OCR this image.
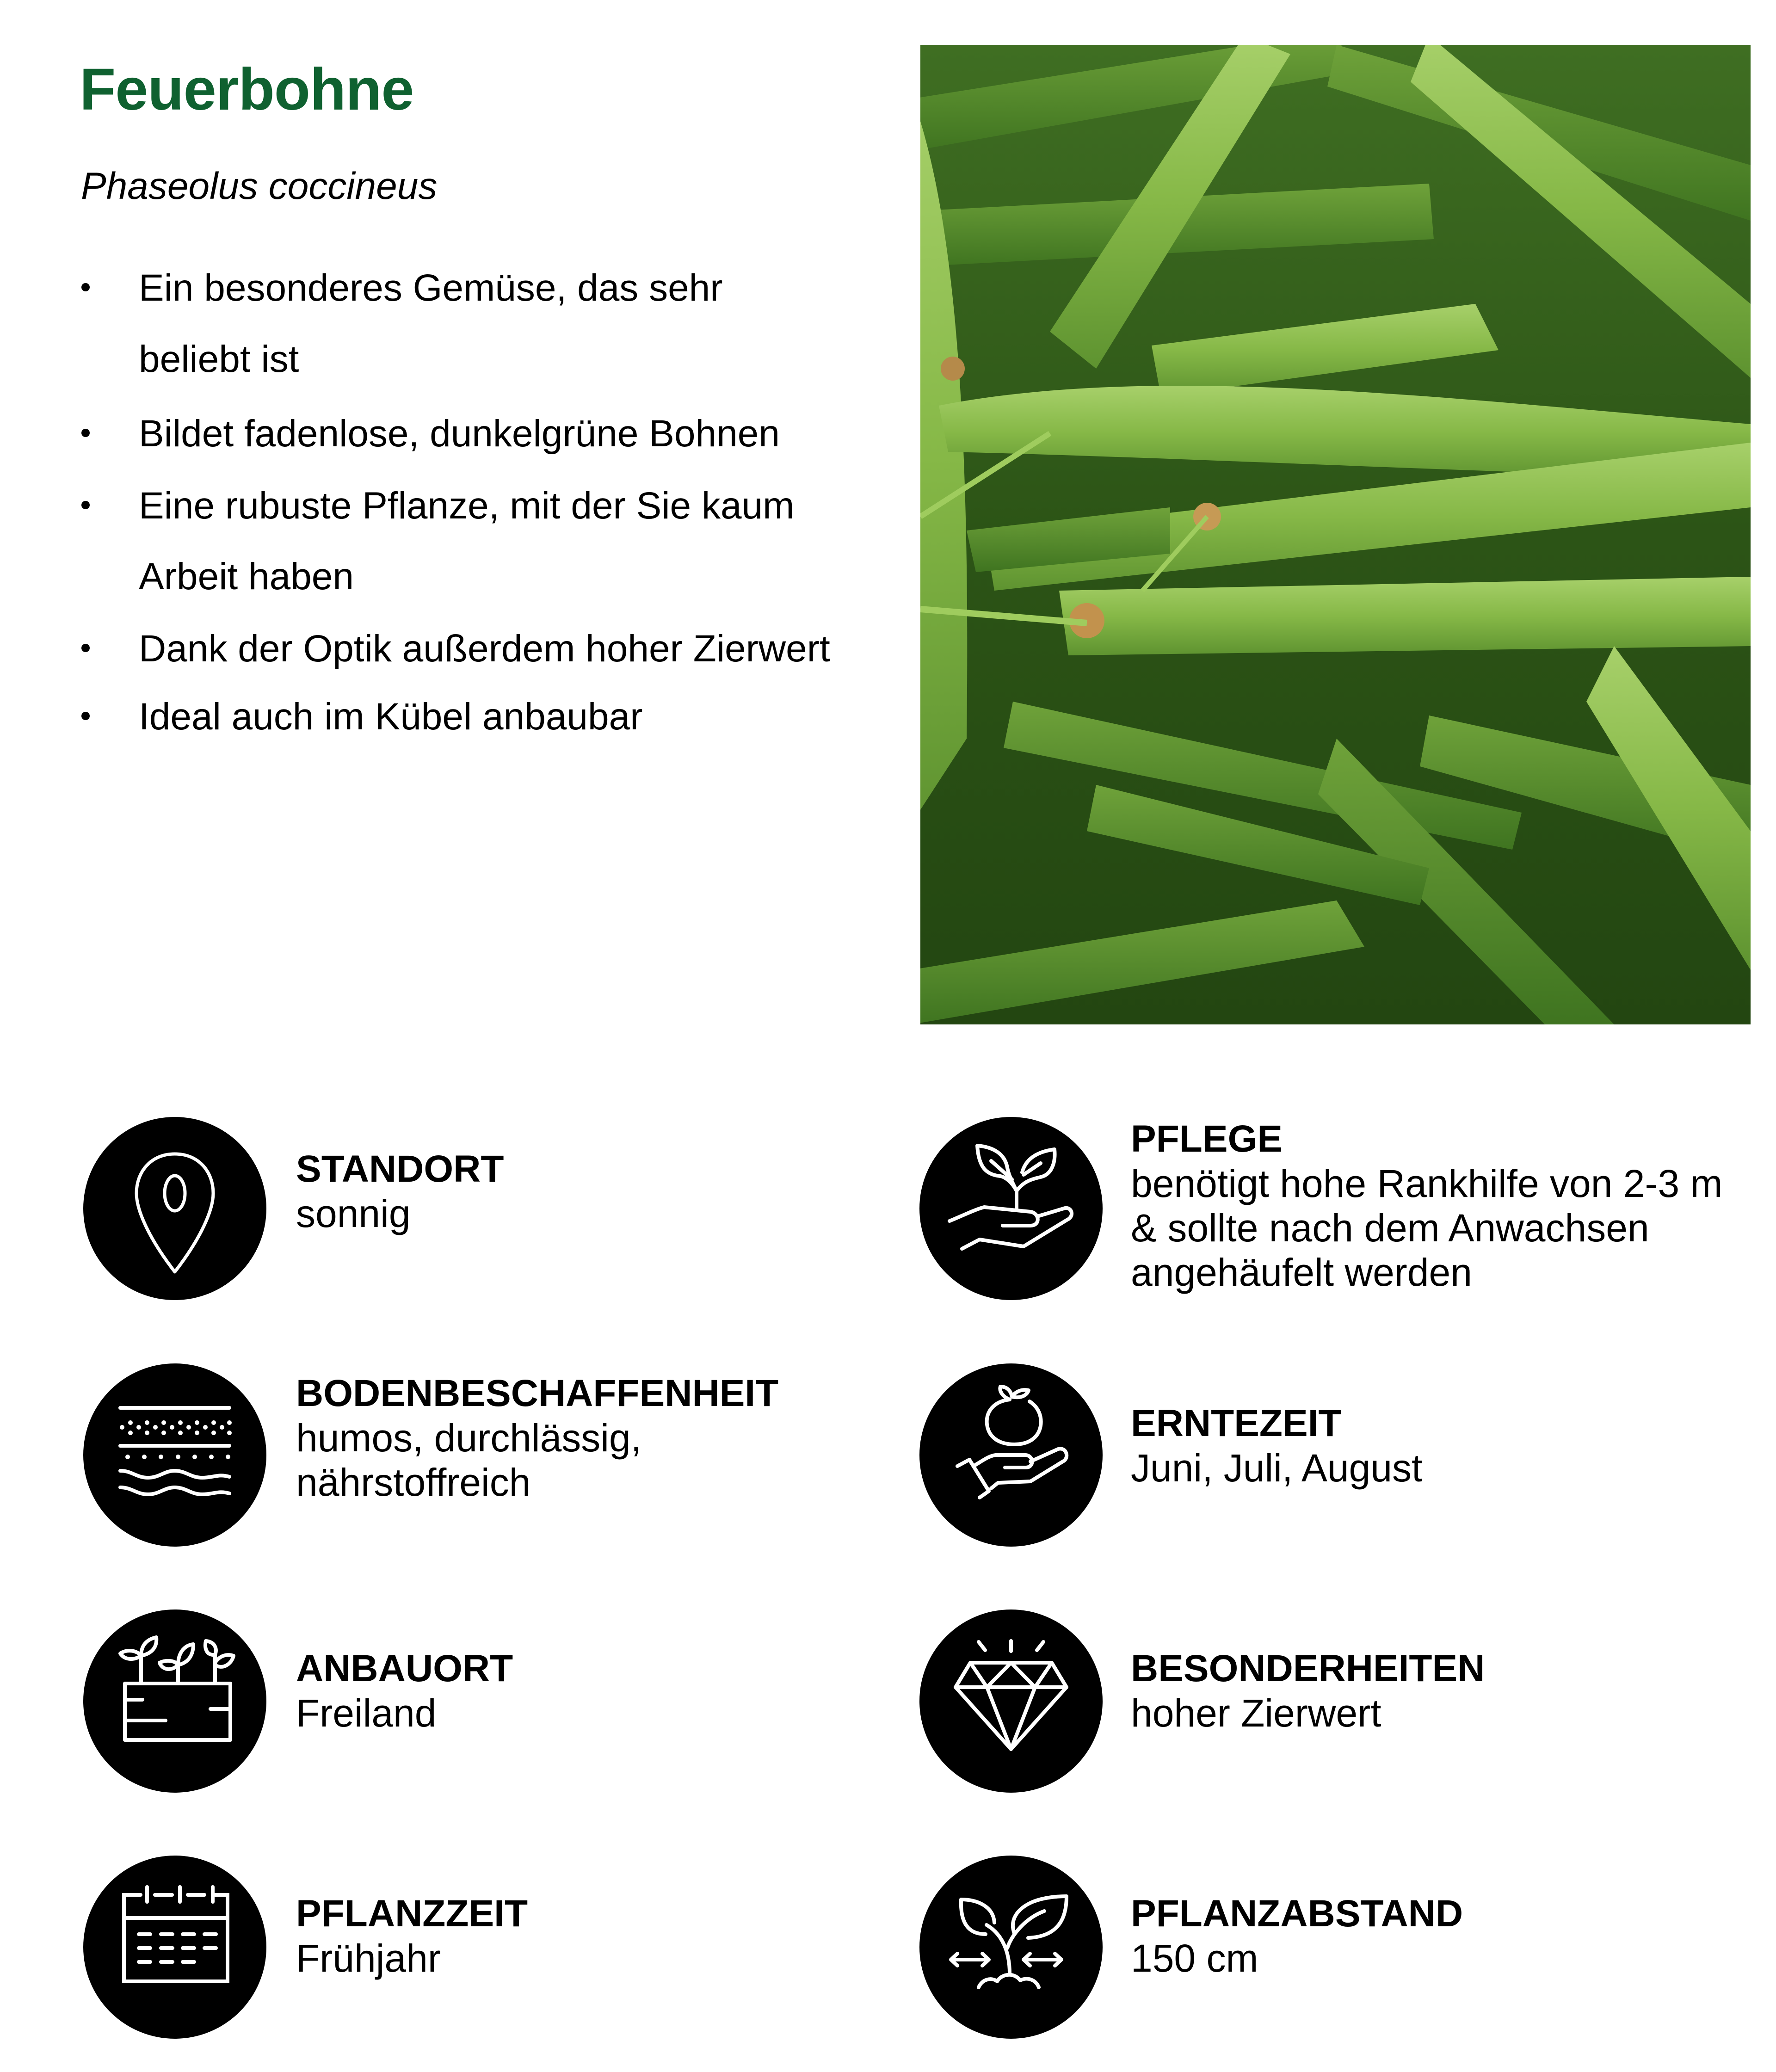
Feuerbohne

Phaseolus coccineus

Ein besonderes Gemüse, das sehr
beliebt ist
Bildet fadenlose, dunkelgrüne Bohnen
Eine rubuste Pflanze, mit der Sie kaum
Arbeit haben
Dank der Optik außerdem hoher Zierwert
Ideal auch im Kübel anbaubar
STANDORT
sonnig
PFLEGE
benötigt hohe Rankhilfe von 2-3 m
& sollte nach dem Anwachsen
angehäufelt werden
BODENBESCHAFFENHEIT
humos, durchlässig,
nährstoffreich
ERNTEZEIT
Juni, Juli, August
ANBAUORT
Freiland
BESONDERHEITEN
hoher Zierwert
PFLANZZEIT
Frühjahr
PFLANZABSTAND
150 cm
